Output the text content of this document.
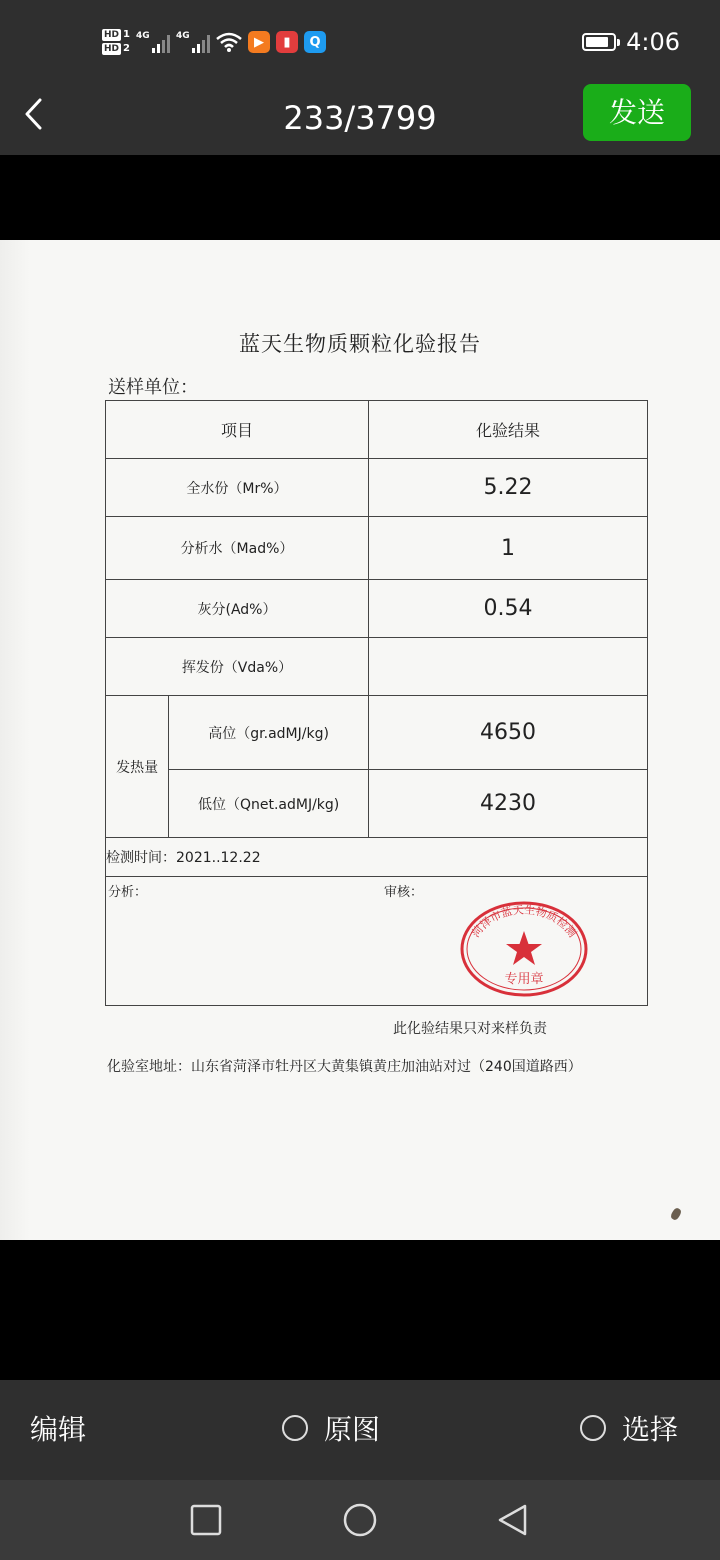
HD 1
HD 2
4G	4G	▶	▮	Q	4:06
233/3799	发送
蓝天生物质颗粒化验报告
送样单位：
项目		化验结果
全水份（Mr%）		5.22
分析水（Mad%）		1
灰分(Ad%）		0.54
挥发份（Vda%）		
发热量	高位（gr.adMJ/kg)	4650
	低位（Qnet.adMJ/kg)	4230
检测时间：2021..12.22		

分析： 审核：
菏泽市蓝天生物质检测
专用章		
此化验结果只对来样负责
化验室地址：山东省菏泽市牡丹区大黄集镇黄庄加油站对过（240国道路西）
编辑	原图	选择
